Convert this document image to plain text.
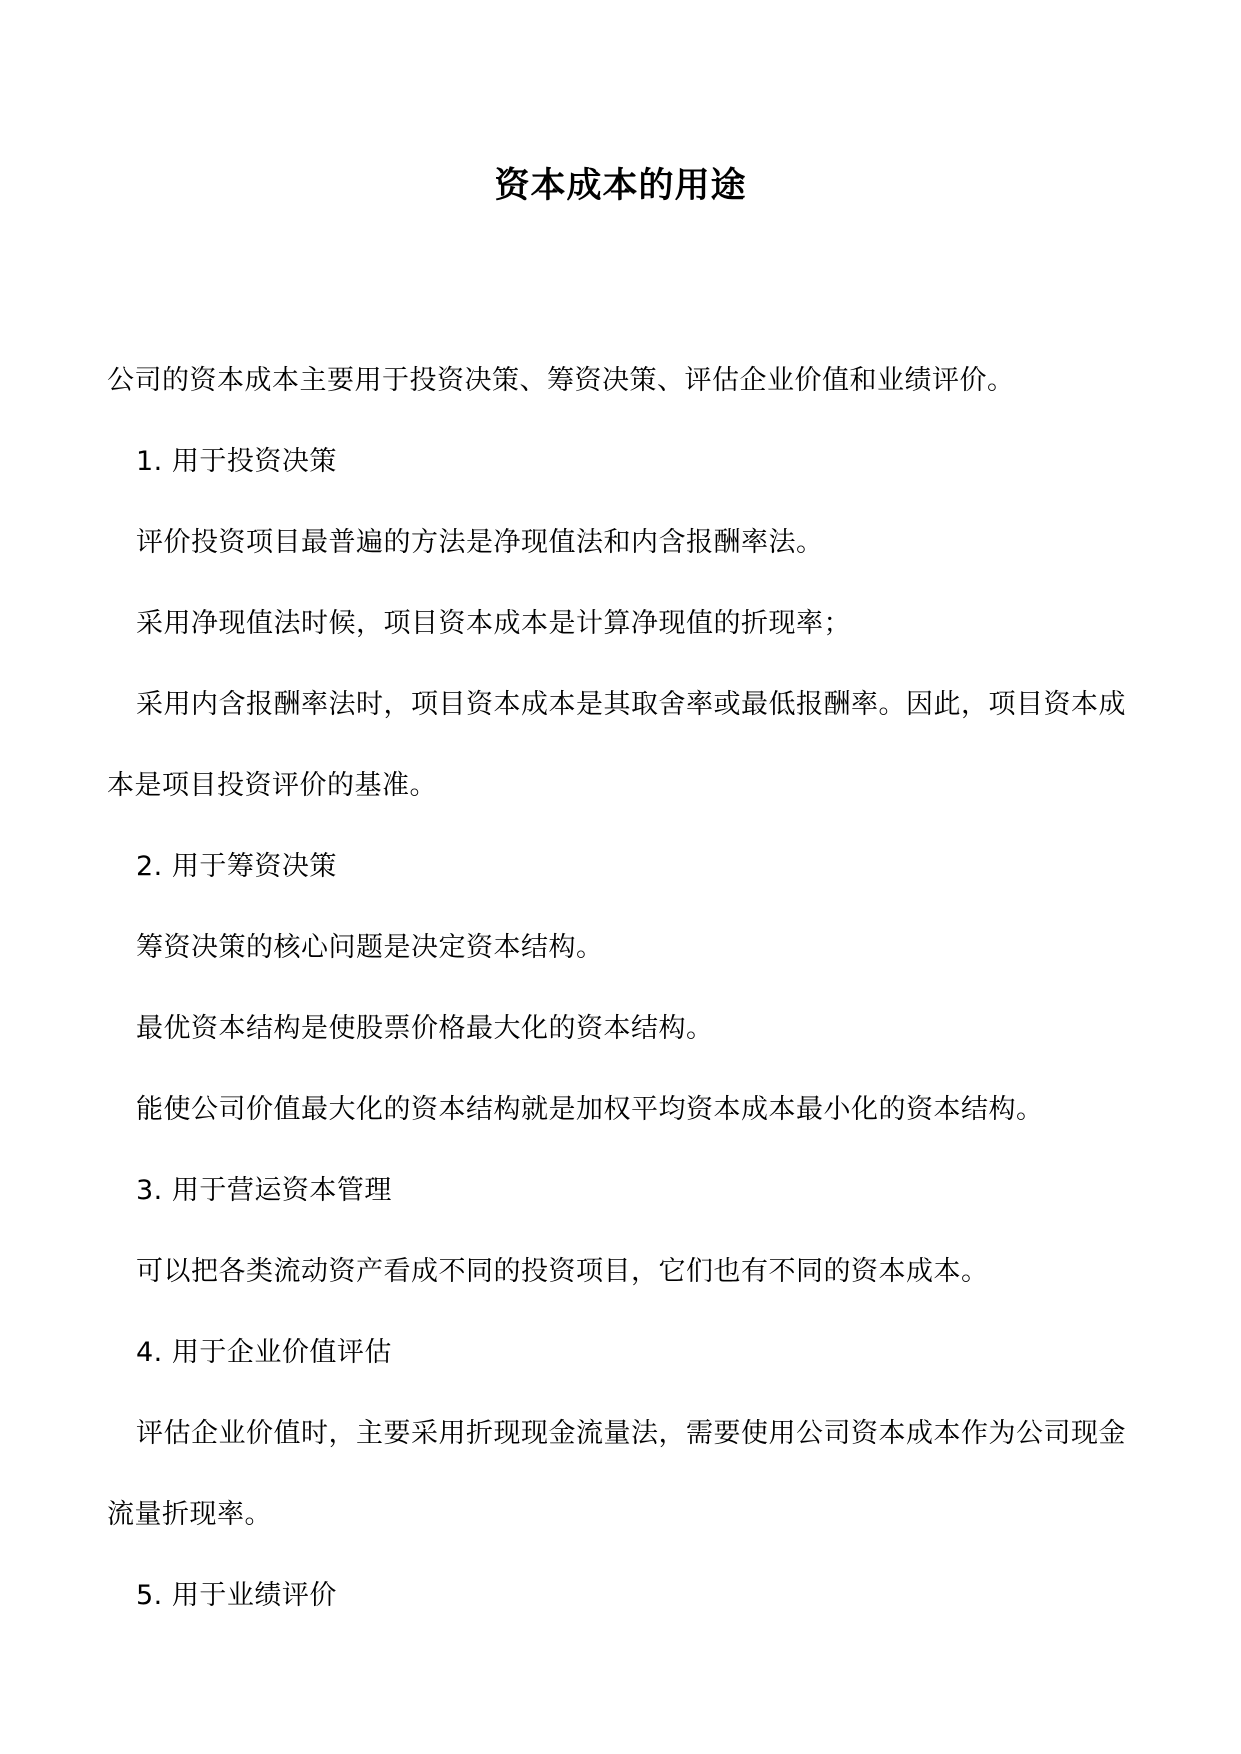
资本成本的用途

公司的资本成本主要用于投资决策、筹资决策、评估企业价值和业绩评价。

1. 用于投资决策

评价投资项目最普遍的方法是净现值法和内含报酬率法。

采用净现值法时候，项目资本成本是计算净现值的折现率；

采用内含报酬率法时，项目资本成本是其取舍率或最低报酬率。因此，项目资本成本是项目投资评价的基准。

2. 用于筹资决策

筹资决策的核心问题是决定资本结构。

最优资本结构是使股票价格最大化的资本结构。

能使公司价值最大化的资本结构就是加权平均资本成本最小化的资本结构。

3. 用于营运资本管理

可以把各类流动资产看成不同的投资项目，它们也有不同的资本成本。

4. 用于企业价值评估

评估企业价值时，主要采用折现现金流量法，需要使用公司资本成本作为公司现金流量折现率。

5. 用于业绩评价
